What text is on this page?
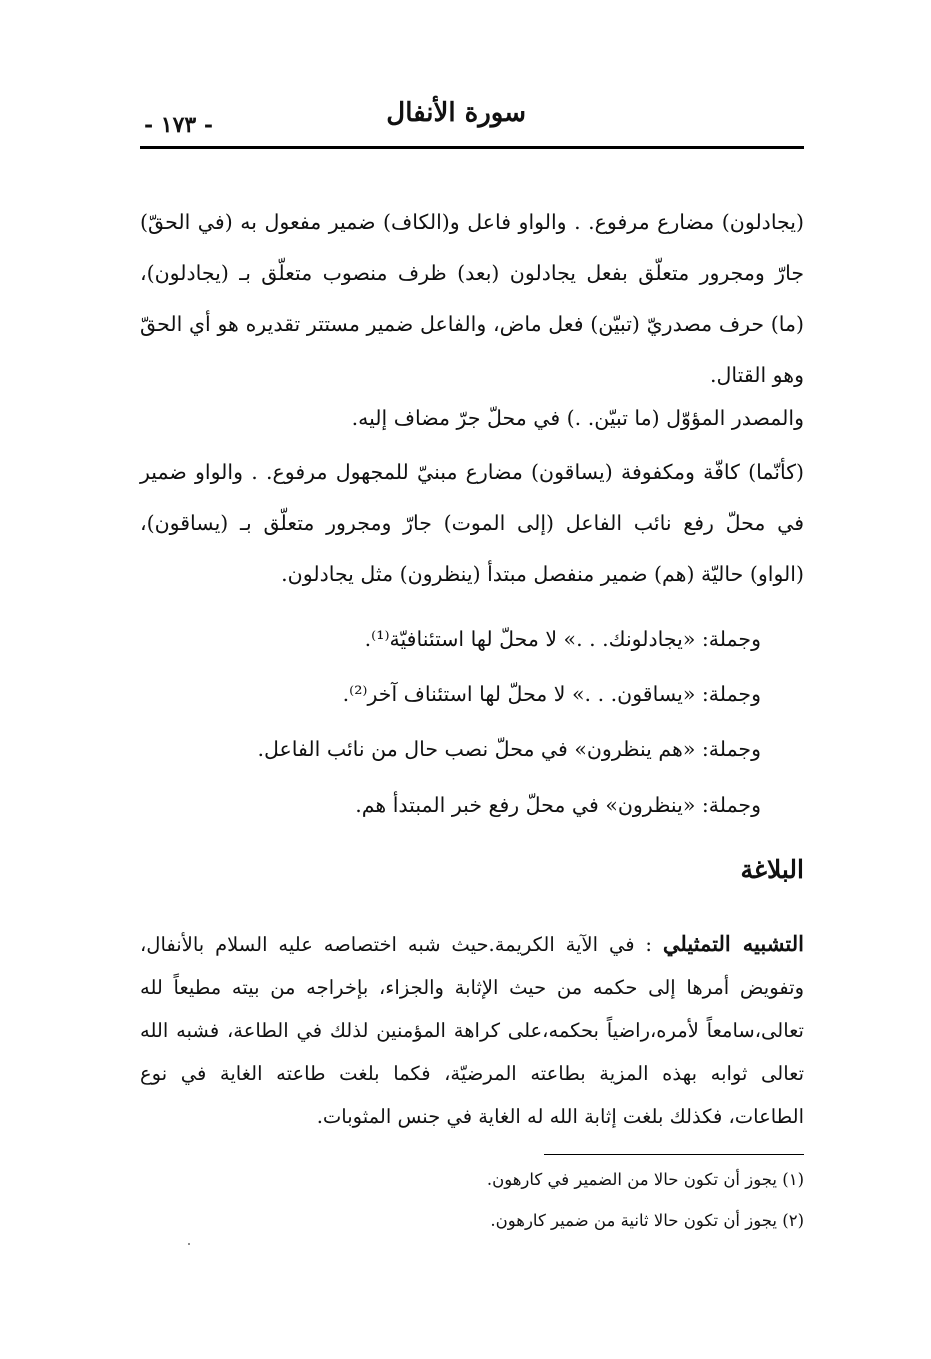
سورة الأنفال
- ١٧٣ -

(يجادلون) مضارع مرفوع. . والواو فاعل و(الكاف) ضمير مفعول به (في الحقّ) جارّ ومجرور متعلّق بفعل يجادلون (بعد) ظرف منصوب متعلّق بـ (يجادلون)، (ما) حرف مصدريّ (تبيّن) فعل ماض، والفاعل ضمير مستتر تقديره هو أي الحقّ وهو القتال.

والمصدر المؤوّل (ما تبيّن. .) في محلّ جرّ مضاف إليه.

(كأنّما) كافّة ومكفوفة (يساقون) مضارع مبنيّ للمجهول مرفوع. . والواو ضمير في محلّ رفع نائب الفاعل (إلى الموت) جارّ ومجرور متعلّق بـ (يساقون)، (الواو) حاليّة (هم) ضمير منفصل مبتدأ (ينظرون) مثل يجادلون.

وجملة: «يجادلونك. . .» لا محلّ لها استئنافيّة⁽¹⁾.
وجملة: «يساقون. . .» لا محلّ لها استئناف آخر⁽²⁾.
وجملة: «هم ينظرون» في محلّ نصب حال من نائب الفاعل.
وجملة: «ينظرون» في محلّ رفع خبر المبتدأ هم.
البلاغة

التشبيه التمثيلي : في الآية الكريمة.حيث شبه اختصاصه عليه السلام بالأنفال، وتفويض أمرها إلى حكمه من حيث الإثابة والجزاء، بإخراجه من بيته مطيعاً لله تعالى،سامعاً لأمره،راضياً بحكمه،على كراهة المؤمنين لذلك في الطاعة، فشبه الله تعالى ثوابه بهذه المزية بطاعته المرضيّة، فكما بلغت طاعته الغاية في نوع الطاعات، فكذلك بلغت إثابة الله له الغاية في جنس المثوبات.

(١) يجوز أن تكون حالا من الضمير في كارهون.
(٢) يجوز أن تكون حالا ثانية من ضمير كارهون.
